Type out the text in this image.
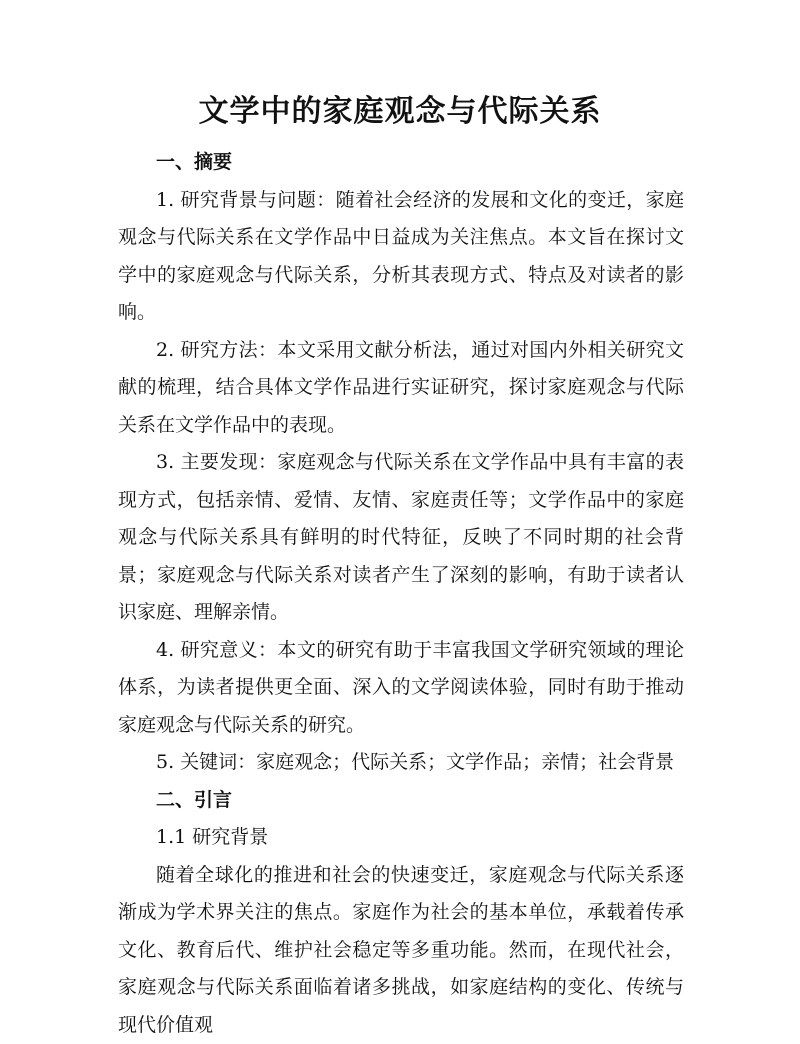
文学中的家庭观念与代际关系

一、摘要

1. 研究背景与问题：随着社会经济的发展和文化的变迁，家庭观念与代际关系在文学作品中日益成为关注焦点。本文旨在探讨文学中的家庭观念与代际关系，分析其表现方式、特点及对读者的影响。

2. 研究方法：本文采用文献分析法，通过对国内外相关研究文献的梳理，结合具体文学作品进行实证研究，探讨家庭观念与代际关系在文学作品中的表现。

3. 主要发现：家庭观念与代际关系在文学作品中具有丰富的表现方式，包括亲情、爱情、友情、家庭责任等；文学作品中的家庭观念与代际关系具有鲜明的时代特征，反映了不同时期的社会背景；家庭观念与代际关系对读者产生了深刻的影响，有助于读者认识家庭、理解亲情。

4. 研究意义：本文的研究有助于丰富我国文学研究领域的理论体系，为读者提供更全面、深入的文学阅读体验，同时有助于推动家庭观念与代际关系的研究。

5. 关键词：家庭观念；代际关系；文学作品；亲情；社会背景

二、引言

1.1 研究背景

随着全球化的推进和社会的快速变迁，家庭观念与代际关系逐渐成为学术界关注的焦点。家庭作为社会的基本单位，承载着传承文化、教育后代、维护社会稳定等多重功能。然而，在现代社会，家庭观念与代际关系面临着诸多挑战，如家庭结构的变化、传统与现代价值观
